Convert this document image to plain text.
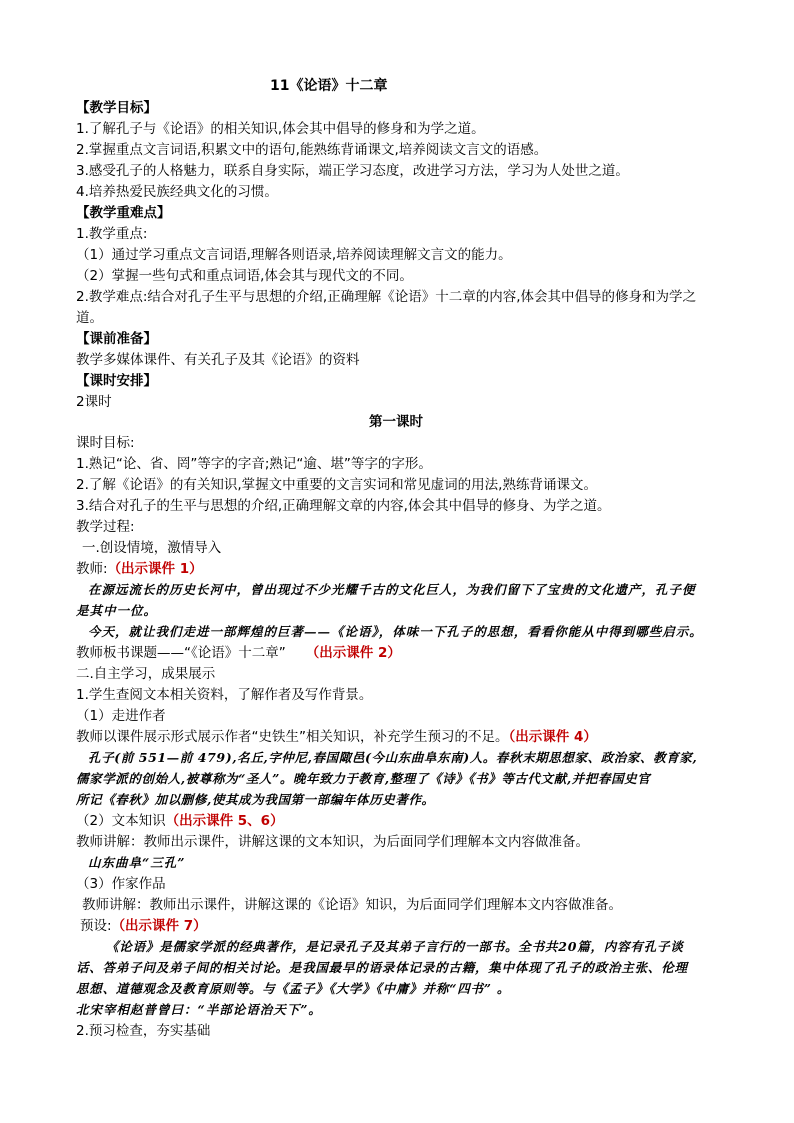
11《论语》十二章
【教学目标】
1.了解孔子与《论语》的相关知识,体会其中倡导的修身和为学之道。
2.掌握重点文言词语,积累文中的语句,能熟练背诵课文,培养阅读文言文的语感。
3.感受孔子的人格魅力，联系自身实际，端正学习态度，改进学习方法，学习为人处世之道。
4.培养热爱民族经典文化的习惯。
【教学重难点】
1.教学重点:
（1）通过学习重点文言词语,理解各则语录,培养阅读理解文言文的能力。
（2）掌握一些句式和重点词语,体会其与现代文的不同。
2.教学难点:结合对孔子生平与思想的介绍,正确理解《论语》十二章的内容,体会其中倡导的修身和为学之
道。
【课前准备】
教学多媒体课件、有关孔子及其《论语》的资料
【课时安排】
2课时
第一课时
课时目标:
1.熟记“论、省、罔”等字的字音;熟记“逾、堪”等字的字形。
2.了解《论语》的有关知识,掌握文中重要的文言实词和常见虚词的用法,熟练背诵课文。
3.结合对孔子的生平与思想的介绍,正确理解文章的内容,体会其中倡导的修身、为学之道。
教学过程:
一.创设情境，激情导入
教师:（出示课件 1）
在源远流长的历史长河中，曾出现过不少光耀千古的文化巨人，为我们留下了宝贵的文化遗产，孔子便
是其中一位。
今天，就让我们走进一部辉煌的巨著——《论语》，体味一下孔子的思想，看看你能从中得到哪些启示。
教师板书课题——“《论语》十二章” （出示课件 2）
二.自主学习，成果展示
1.学生查阅文本相关资料，了解作者及写作背景。
（1）走进作者
教师以课件展示形式展示作者“史铁生”相关知识，补充学生预习的不足。（出示课件 4）
孔子(前 551—前 479),名丘,字仲尼,春国陬邑(今山东曲阜东南)人。春秋末期思想家、政治家、教育家,
儒家学派的创始人,被尊称为“圣人”。晚年致力于教育,整理了《诗》《书》等古代文献,并把春国史官
所记《春秋》加以删修,使其成为我国第一部编年体历史著作。
（2）文本知识（出示课件 5、6）
教师讲解：教师出示课件，讲解这课的文本知识，为后面同学们理解本文内容做准备。
山东曲阜“三孔”
（3）作家作品
教师讲解：教师出示课件，讲解这课的《论语》知识，为后面同学们理解本文内容做准备。
预设:（出示课件 7）
《论语》是儒家学派的经典著作，是记录孔子及其弟子言行的一部书。全书共20篇，内容有孔子谈
话、答弟子问及弟子间的相关讨论。是我国最早的语录体记录的古籍，集中体现了孔子的政治主张、伦理
思想、道德观念及教育原则等。与《孟子》《大学》《中庸》并称“四书” 。
北宋宰相赵普曾曰：“半部论语治天下”。
2.预习检查，夯实基础
